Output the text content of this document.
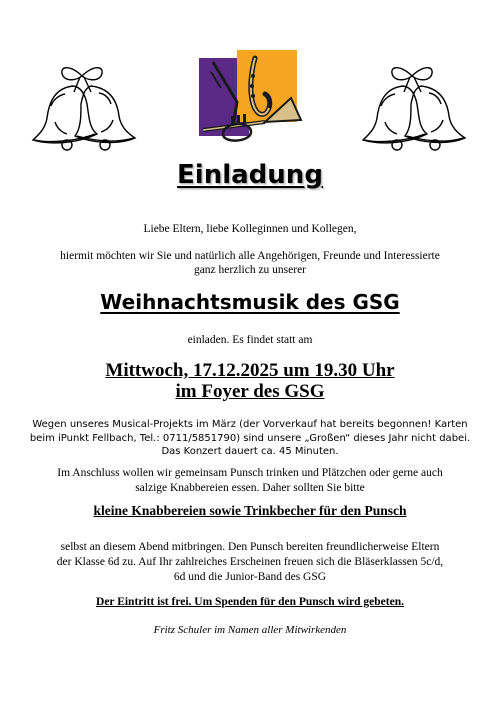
Einladung
Liebe Eltern, liebe Kolleginnen und Kollegen,
hiermit möchten wir Sie und natürlich alle Angehörigen, Freunde und Interessierte
ganz herzlich zu unserer
Weihnachtsmusik des GSG
einladen. Es findet statt am
Mittwoch, 17.12.2025 um 19.30 Uhr
im Foyer des GSG
Wegen unseres Musical-Projekts im März (der Vorverkauf hat bereits begonnen! Karten
beim iPunkt Fellbach, Tel.: 0711/5851790) sind unsere „Großen“ dieses Jahr nicht dabei.
Das Konzert dauert ca. 45 Minuten.
Im Anschluss wollen wir gemeinsam Punsch trinken und Plätzchen oder gerne auch
salzige Knabbereien essen. Daher sollten Sie bitte
kleine Knabbereien sowie Trinkbecher für den Punsch
selbst an diesem Abend mitbringen. Den Punsch bereiten freundlicherweise Eltern
der Klasse 6d zu. Auf Ihr zahlreiches Erscheinen freuen sich die Bläserklassen 5c/d,
6d und die Junior-Band des GSG
Der Eintritt ist frei. Um Spenden für den Punsch wird gebeten.
Fritz Schuler im Namen aller Mitwirkenden
